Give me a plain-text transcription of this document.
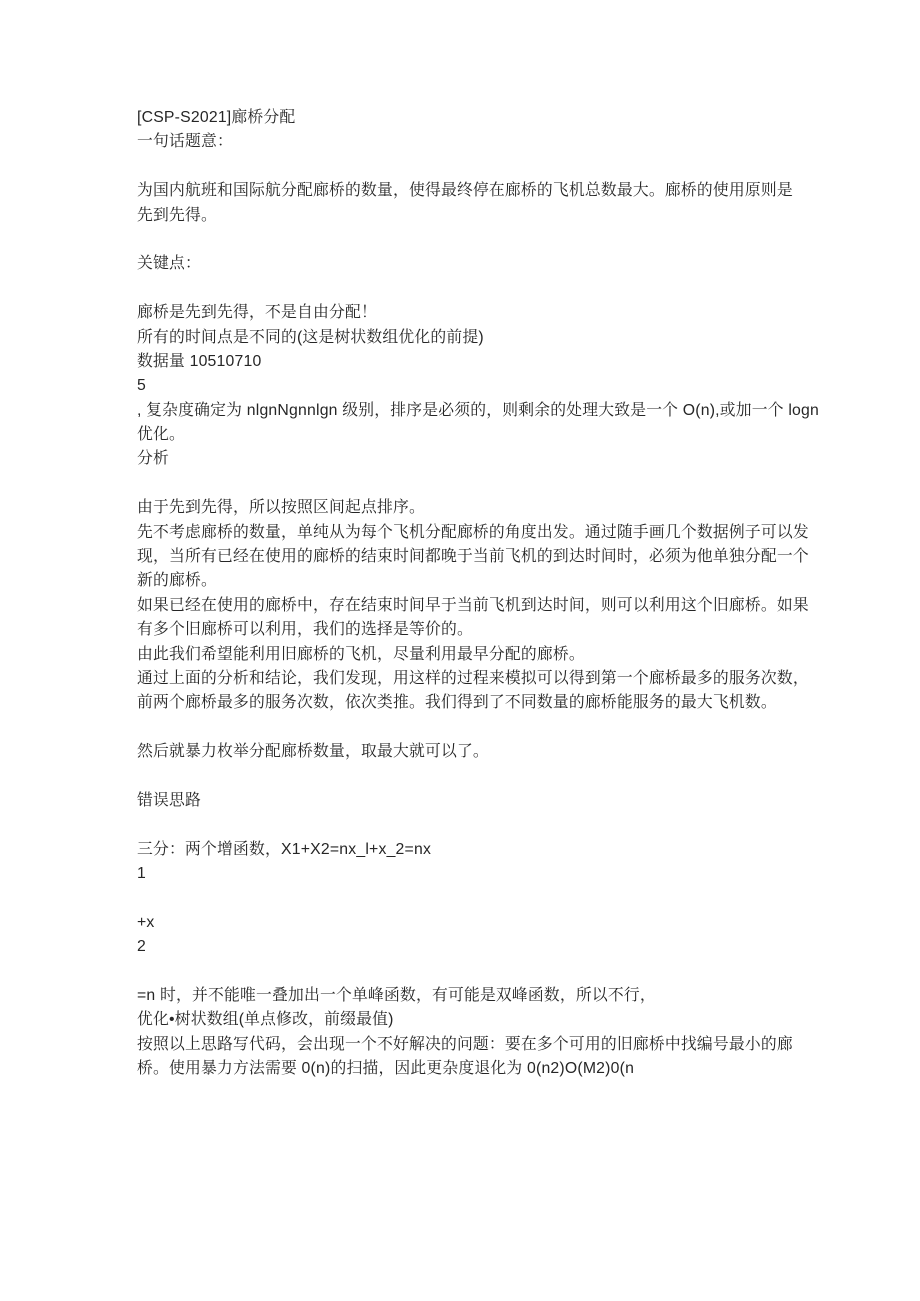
[CSP-S2021]廊桥分配
一句话题意：

为国内航班和国际航分配廊桥的数量，使得最终停在廊桥的飞机总数最大。廊桥的使用原则是
先到先得。

关键点：

廊桥是先到先得，不是自由分配！
所有的时间点是不同的(这是树状数组优化的前提)
数据量 10510710
5
, 复杂度确定为 nlgnNgnnlgn 级别，排序是必须的，则剩余的处理大致是一个 O(n),或加一个 logn
优化。
分析

由于先到先得，所以按照区间起点排序。
先不考虑廊桥的数量，单纯从为每个飞机分配廊桥的角度出发。通过随手画几个数据例子可以发
现，当所有已经在使用的廊桥的结束时间都晚于当前飞机的到达时间时，必须为他单独分配一个
新的廊桥。
如果已经在使用的廊桥中，存在结束时间早于当前飞机到达时间，则可以利用这个旧廊桥。如果
有多个旧廊桥可以利用，我们的选择是等价的。
由此我们希望能利用旧廊桥的飞机，尽量利用最早分配的廊桥。
通过上面的分析和结论，我们发现，用这样的过程来模拟可以得到第一个廊桥最多的服务次数，
前两个廊桥最多的服务次数，依次类推。我们得到了不同数量的廊桥能服务的最大飞机数。

然后就暴力枚举分配廊桥数量，取最大就可以了。

错误思路

三分：两个增函数，X1+X2=nx_l+x_2=nx
1

+x
2

=n 时，并不能唯一叠加出一个单峰函数，有可能是双峰函数，所以不行，
优化•树状数组(单点修改，前缀最值)
按照以上思路写代码，会出现一个不好解决的问题：要在多个可用的旧廊桥中找编号最小的廊
桥。使用暴力方法需要 0(n)的扫描，因此更杂度退化为 0(n2)O(M2)0(n
